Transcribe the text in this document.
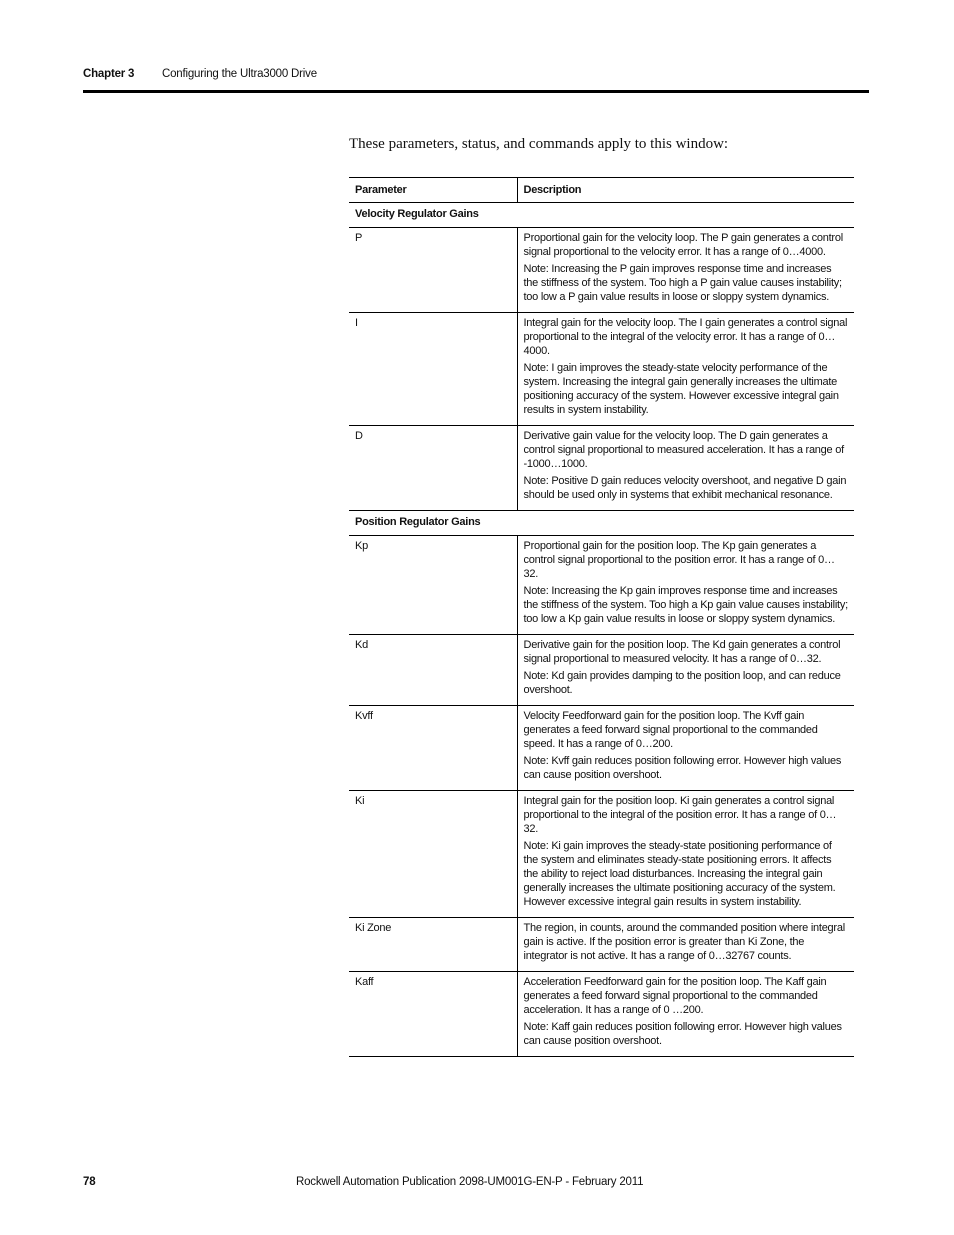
Chapter 3 Configuring the Ultra3000 Drive
These parameters, status, and commands apply to this window:
Parameter	Description
Velocity Regulator Gains	
P	Proportional gain for the velocity loop. The P gain generates a control signal proportional to the velocity error. It has a range of 0…4000.

Note: Increasing the P gain improves response time and increases the stiffness of the system. Too high a P gain value causes instability; too low a P gain value results in loose or sloppy system dynamics.

I	Integral gain for the velocity loop. The I gain generates a control signal proportional to the integral of the velocity error. It has a range of 0…4000.

Note: I gain improves the steady-state velocity performance of the system. Increasing the integral gain generally increases the ultimate positioning accuracy of the system. However excessive integral gain results in system instability.

D	Derivative gain value for the velocity loop. The D gain generates a control signal proportional to measured acceleration. It has a range of -1000…1000.

Note: Positive D gain reduces velocity overshoot, and negative D gain should be used only in systems that exhibit mechanical resonance.

Position Regulator Gains	
Kp	Proportional gain for the position loop. The Kp gain generates a control signal proportional to the position error. It has a range of 0…32.

Note: Increasing the Kp gain improves response time and increases the stiffness of the system. Too high a Kp gain value causes instability; too low a Kp gain value results in loose or sloppy system dynamics.

Kd	Derivative gain for the position loop. The Kd gain generates a control signal proportional to measured velocity. It has a range of 0…32.

Note: Kd gain provides damping to the position loop, and can reduce overshoot.

Kvff	Velocity Feedforward gain for the position loop. The Kvff gain generates a feed forward signal proportional to the commanded speed. It has a range of 0…200.

Note: Kvff gain reduces position following error. However high values can cause position overshoot.

Ki	Integral gain for the position loop. Ki gain generates a control signal proportional to the integral of the position error. It has a range of 0…32.

Note: Ki gain improves the steady-state positioning performance of the system and eliminates steady-state positioning errors. It affects the ability to reject load disturbances. Increasing the integral gain generally increases the ultimate positioning accuracy of the system. However excessive integral gain results in system instability.

Ki Zone	The region, in counts, around the commanded position where integral gain is active. If the position error is greater than Ki Zone, the integrator is not active. It has a range of 0…32767 counts.

Kaff	Acceleration Feedforward gain for the position loop. The Kaff gain generates a feed forward signal proportional to the commanded acceleration. It has a range of 0 …200.

Note: Kaff gain reduces position following error. However high values can cause position overshoot.

78	Rockwell Automation Publication 2098-UM001G-EN-P - February 2011
